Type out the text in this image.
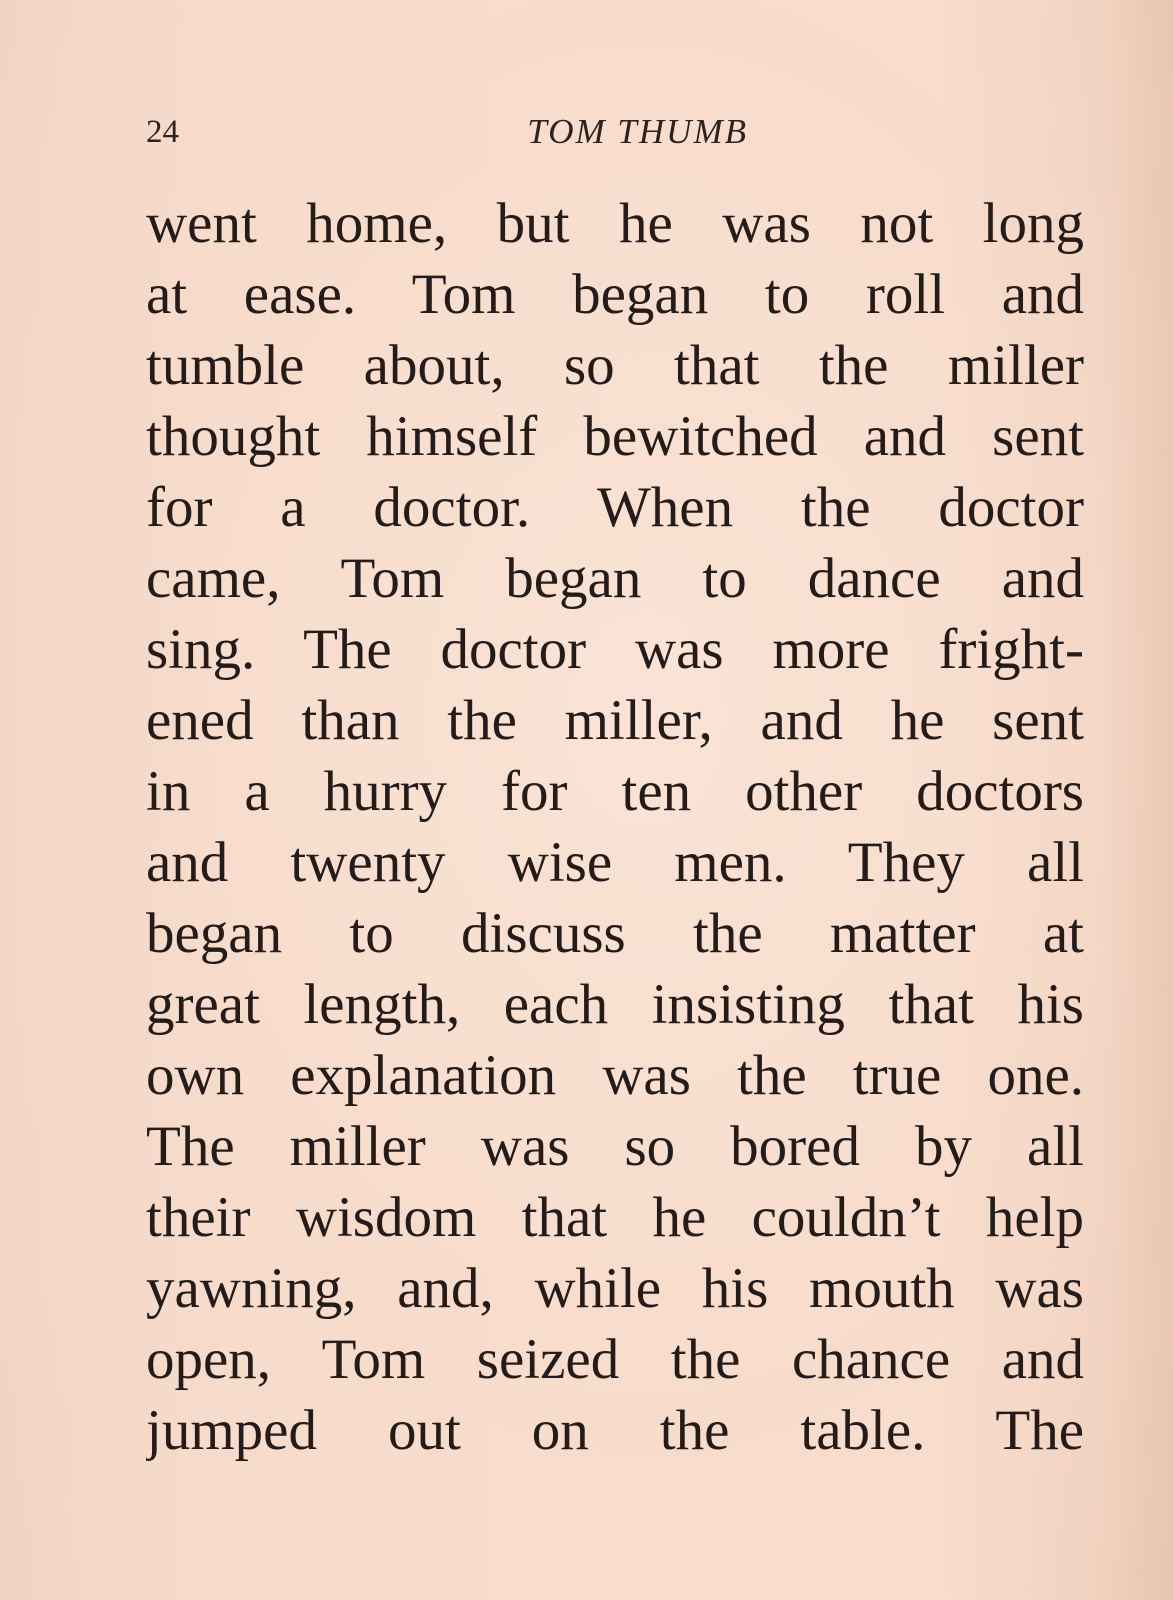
24	TOM THUMB
went home, but he was not long
at ease. Tom began to roll and
tumble about, so that the miller
thought himself bewitched and sent
for a doctor. When the doctor
came, Tom began to dance and
sing. The doctor was more fright-
ened than the miller, and he sent
in a hurry for ten other doctors
and twenty wise men. They all
began to discuss the matter at
great length, each insisting that his
own explanation was the true one.
The miller was so bored by all
their wisdom that he couldn’t help
yawning, and, while his mouth was
open, Tom seized the chance and
jumped out on the table. The
